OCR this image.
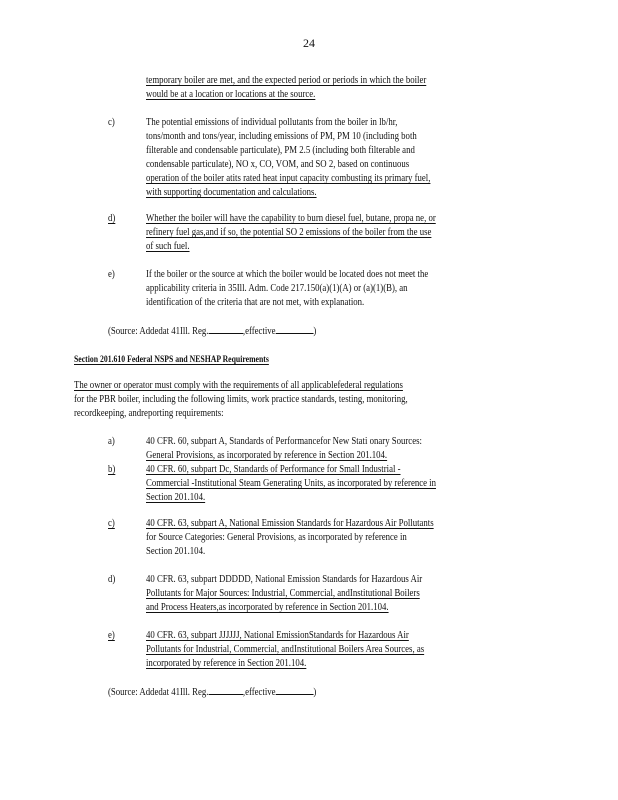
24
temporary boiler are met, and the expected period or periods in which the boiler
would be at a location or locations at the source.
c)	The potential emissions of individual pollutants from the boiler in lb/hr,
tons/month and tons/year, including emissions of PM, PM 10 (including both
filterable and condensable particulate), PM 2.5 (including both filterable and
condensable particulate), NO x, CO, VOM, and SO 2, based on continuous
operation of the boiler atits rated heat input capacity combusting its primary fuel,
with supporting documentation and calculations.
d)	Whether the boiler will have the capability to burn diesel fuel, butane, propa ne, or
refinery fuel gas,and if so, the potential SO 2 emissions of the boiler from the use
of such fuel.
e)	If the boiler or the source at which the boiler would be located does not meet the
applicability criteria in 35Ill. Adm. Code 217.150(a)(1)(A) or (a)(1)(B), an
identification of the criteria that are not met, with explanation.
(Source: Addedat 41Ill. Reg.	,effective	)
Section 201.610 Federal NSPS and NESHAP Requirements
The owner or operator must comply with the requirements of all applicablefederal regulations
for the PBR boiler, including the following limits, work practice standards, testing, monitoring,
recordkeeping, andreporting requirements:
a)	40 CFR. 60, subpart A, Standards of Performancefor New Stati onary Sources:
General Provisions, as incorporated by reference in Section 201.104.
b)	40 CFR. 60, subpart Dc, Standards of Performance for Small Industrial -
Commercial -Institutional Steam Generating Units, as incorporated by reference in
Section 201.104.
c)	40 CFR. 63, subpart A, National Emission Standards for Hazardous Air Pollutants
for Source Categories: General Provisions, as incorporated by reference in
Section 201.104.
d)	40 CFR. 63, subpart DDDDD, National Emission Standards for Hazardous Air
Pollutants for Major Sources: Industrial, Commercial, andInstitutional Boilers
and Process Heaters,as incorporated by reference in Section 201.104.
e)	40 CFR. 63, subpart JJJJJJ, National EmissionStandards for Hazardous Air
Pollutants for Industrial, Commercial, andInstitutional Boilers Area Sources, as
incorporated by reference in Section 201.104.
(Source: Addedat 41Ill. Reg.	,effective	)
